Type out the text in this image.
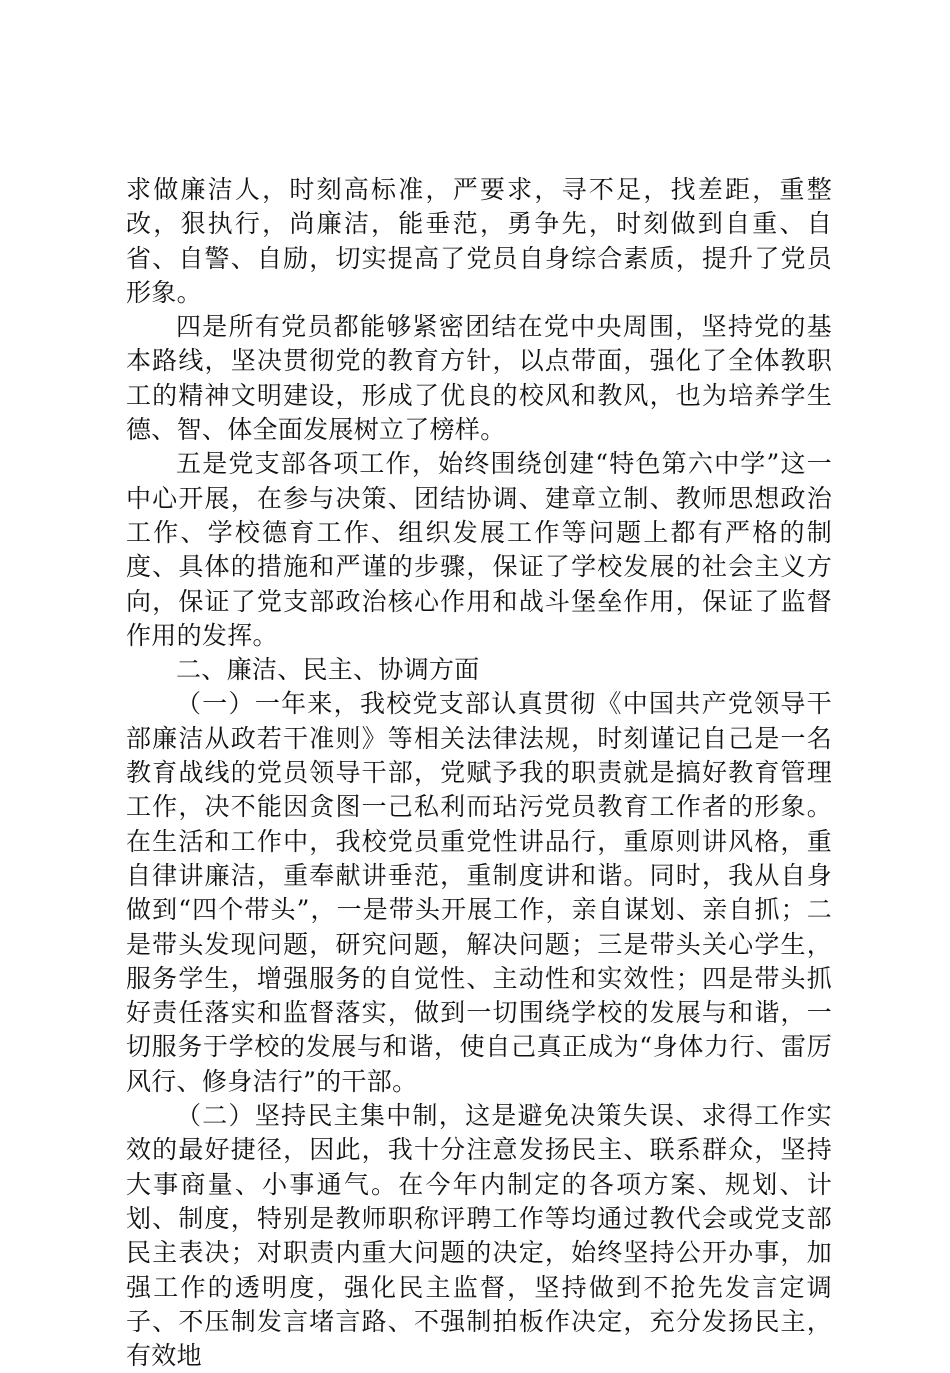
求做廉洁人，时刻高标准，严要求，寻不足，找差距，重整改，狠执行，尚廉洁，能垂范，勇争先，时刻做到自重、自省、自警、自励，切实提高了党员自身综合素质，提升了党员形象。

四是所有党员都能够紧密团结在党中央周围，坚持党的基本路线，坚决贯彻党的教育方针，以点带面，强化了全体教职工的精神文明建设，形成了优良的校风和教风，也为培养学生德、智、体全面发展树立了榜样。

五是党支部各项工作，始终围绕创建“特色第六中学”这一中心开展，在参与决策、团结协调、建章立制、教师思想政治工作、学校德育工作、组织发展工作等问题上都有严格的制度、具体的措施和严谨的步骤，保证了学校发展的社会主义方向，保证了党支部政治核心作用和战斗堡垒作用，保证了监督作用的发挥。

二、廉洁、民主、协调方面

（一）一年来，我校党支部认真贯彻《中国共产党领导干部廉洁从政若干准则》等相关法律法规，时刻谨记自己是一名教育战线的党员领导干部，党赋予我的职责就是搞好教育管理工作，决不能因贪图一己私利而玷污党员教育工作者的形象。在生活和工作中，我校党员重党性讲品行，重原则讲风格，重自律讲廉洁，重奉献讲垂范，重制度讲和谐。同时，我从自身做到“四个带头”，一是带头开展工作，亲自谋划、亲自抓；二是带头发现问题，研究问题，解决问题；三是带头关心学生，服务学生，增强服务的自觉性、主动性和实效性；四是带头抓好责任落实和监督落实，做到一切围绕学校的发展与和谐，一切服务于学校的发展与和谐，使自己真正成为“身体力行、雷厉风行、修身洁行”的干部。

（二）坚持民主集中制，这是避免决策失误、求得工作实效的最好捷径，因此，我十分注意发扬民主、联系群众，坚持大事商量、小事通气。在今年内制定的各项方案、规划、计划、制度，特别是教师职称评聘工作等均通过教代会或党支部民主表决；对职责内重大问题的决定，始终坚持公开办事，加强工作的透明度，强化民主监督，坚持做到不抢先发言定调子、不压制发言堵言路、不强制拍板作决定，充分发扬民主，有效地
